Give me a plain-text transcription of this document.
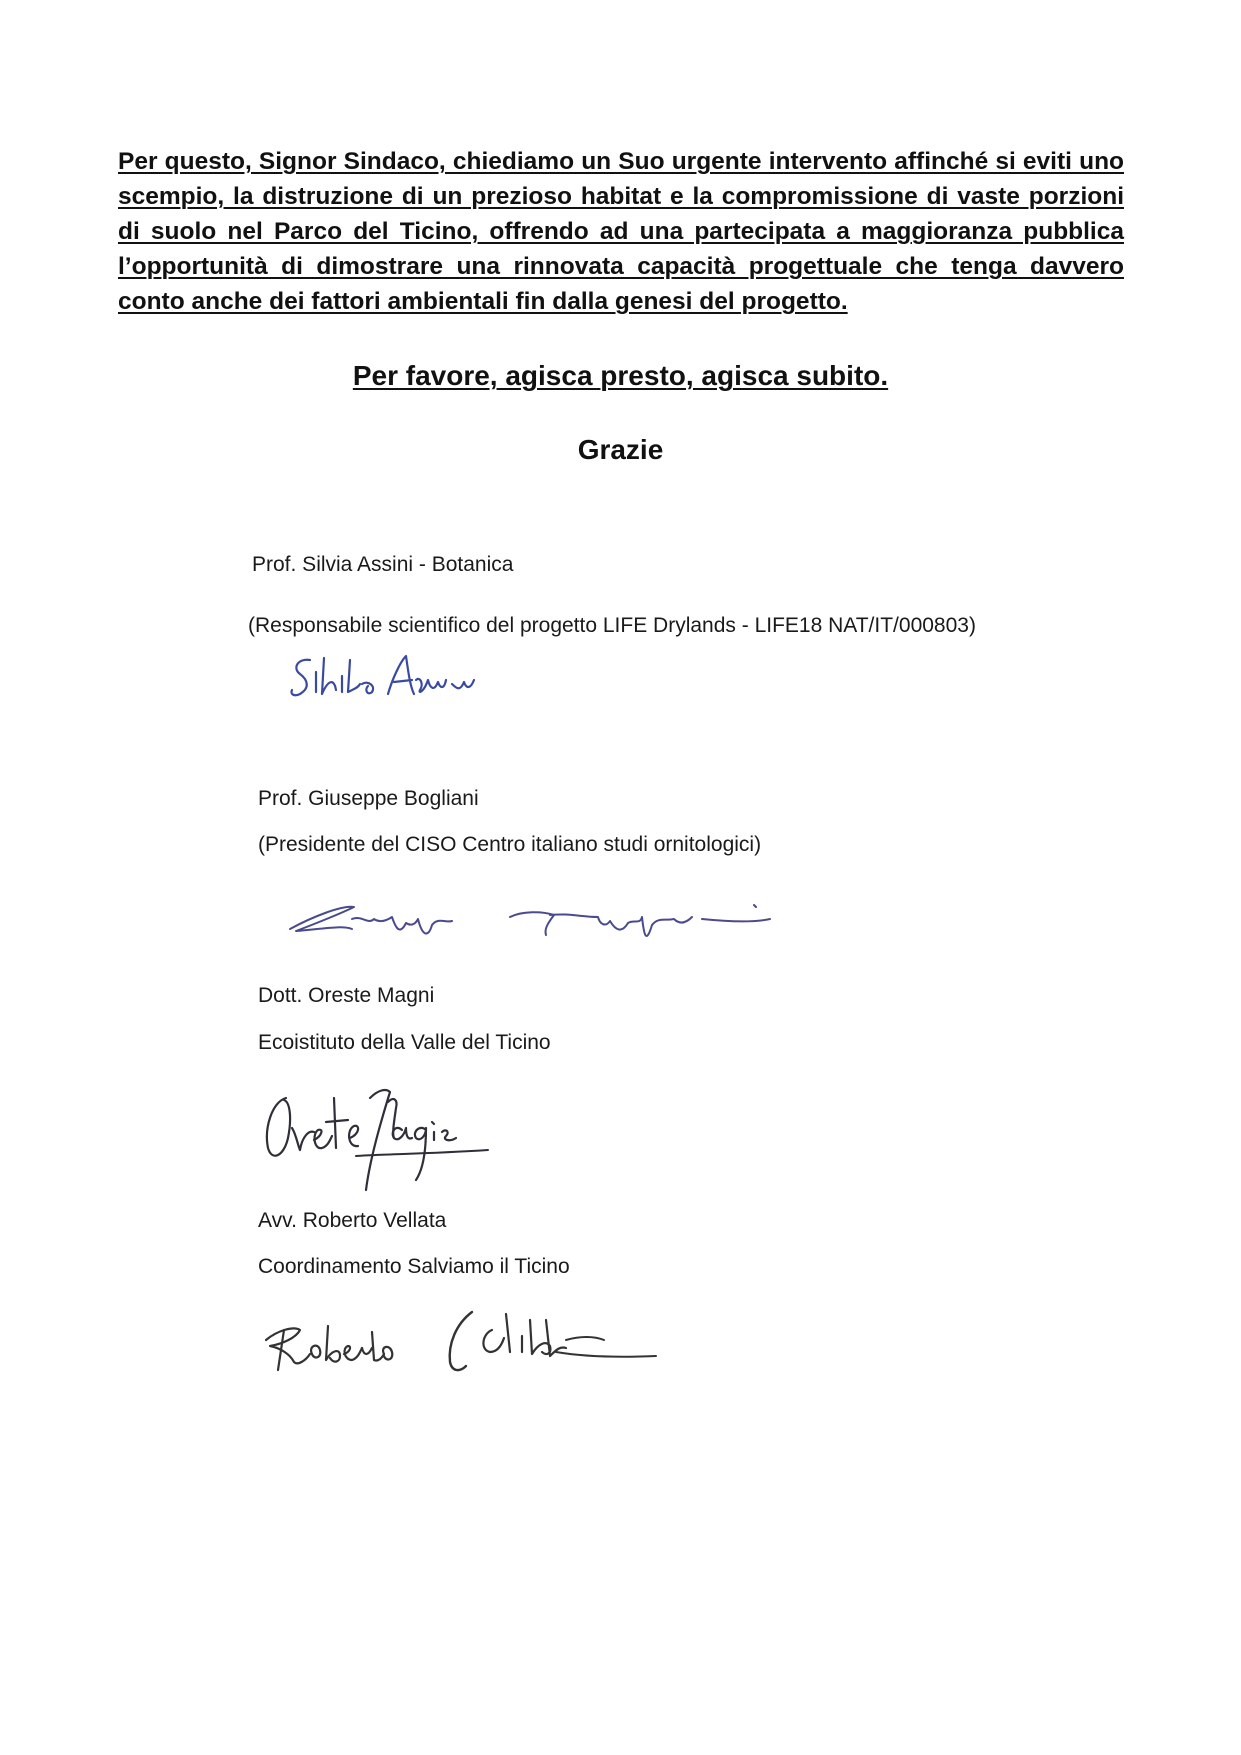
Per questo, Signor Sindaco, chiediamo un Suo urgente intervento affinché si eviti uno scempio, la distruzione di un prezioso habitat e la compromissione di vaste porzioni di suolo nel Parco del Ticino, offrendo ad una partecipata a maggioranza pubblica l’opportunità di dimostrare una rinnovata capacità progettuale che tenga davvero conto anche dei fattori ambientali fin dalla genesi del progetto.

Per favore, agisca presto, agisca subito.
Grazie
Prof. Silvia Assini - Botanica
(Responsabile scientifico del progetto LIFE Drylands - LIFE18 NAT/IT/000803)
Prof. Giuseppe Bogliani
(Presidente del CISO Centro italiano studi ornitologici)
Dott. Oreste Magni
Ecoistituto della Valle del Ticino
Avv. Roberto Vellata
Coordinamento Salviamo il Ticino
